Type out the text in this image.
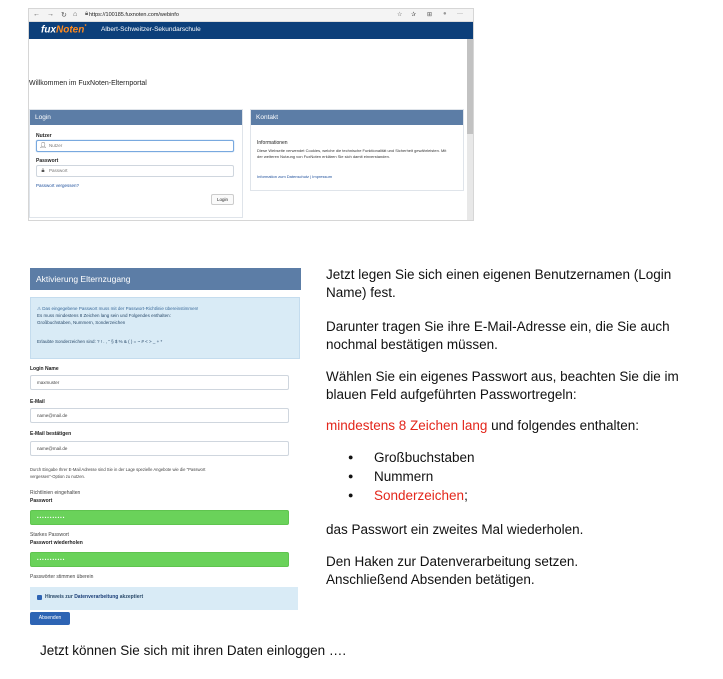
← → ↻ ⌂ 🔒︎ https://100185.fuxnoten.com/webinfo	☆ ✰ ⊞ ● ···
fuxNoten* Albert-Schweitzer-Sekundarschule
Willkommen im FuxNoten-Elternportal
Login
Nutzer
👤︎ Nutzer
Passwort
🔒︎ Passwort
Passwort vergessen?
Login
Kontakt
Informationen
Diese Webseite verwendet Cookies, welche die technische Funktionalität und Sicherheit gewährleisten. Mit der weiteren Nutzung von FuxNoten erklären Sie sich damit einverstanden.
Information zum Datenschutz | Impressum
Aktivierung Elternzugang
⚠ Das eingegebene Passwort muss mit der Passwort-Richtlinie übereinstimmen!
Es muss mindestens 8 Zeichen lang sein und Folgendes enthalten:
Großbuchstaben, Nummern, Sonderzeichen
Erlaubte Sonderzeichen sind: ? ! . , " § $ % & ( ) = ~ # < > _ + *
Login Name
maxmuster
E-Mail
name@mail.de
E-Mail bestätigen
name@mail.de
Durch Eingabe Ihrer E-Mail Adresse sind Sie in der Lage spezielle Angebote wie die "Passwort
vergessen"-Option zu nutzen.
Richtlinien eingehalten
Passwort
•••••••••••
Starkes Passwort
Passwort wiederholen
•••••••••••
Passwörter stimmen überein
Hinweis zur Datenverarbeitung akzeptiert
Absenden
Jetzt legen Sie sich einen eigenen Benutzernamen (Login Name) fest.
Darunter tragen Sie ihre E-Mail-Adresse ein, die Sie auch nochmal bestätigen müssen.
Wählen Sie ein eigenes Passwort aus, beachten Sie die im blauen Feld aufgeführten Passwortregeln:
mindestens 8 Zeichen lang und folgendes enthalten:
● Großbuchstaben
● Nummern
● Sonderzeichen;
das Passwort ein zweites Mal wiederholen.
Den Haken zur Datenverarbeitung setzen.
Anschließend Absenden betätigen.
Jetzt können Sie sich mit ihren Daten einloggen ….
